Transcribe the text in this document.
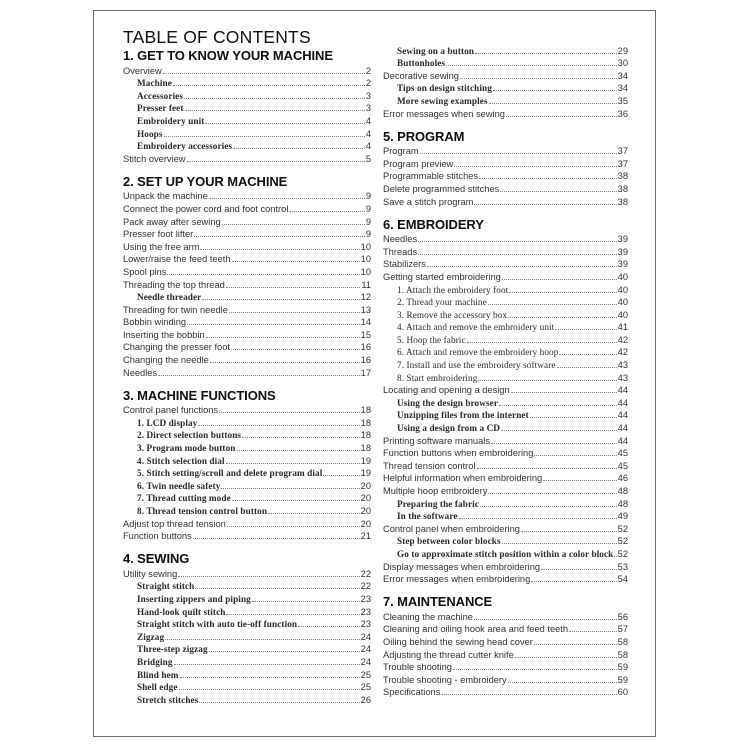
TABLE OF CONTENTS
1. GET TO KNOW YOUR MACHINE
Overview	2
Machine	2
Accessories	3
Presser feet	3
Embroidery unit	4
Hoops	4
Embroidery accessories	4
Stitch overview	5
2. SET UP YOUR MACHINE
Unpack the machine	9
Connect the power cord and foot control	9
Pack away after sewing	9
Presser foot lifter	9
Using the free arm	10
Lower/raise the feed teeth	10
Spool pins	10
Threading the top thread	11
Needle threader	12
Threading for twin needle	13
Bobbin winding	14
Inserting the bobbin	15
Changing the presser foot	16
Changing the needle	16
Needles	17
3. MACHINE FUNCTIONS
Control panel functions	18
1. LCD display	18
2. Direct selection buttons	18
3. Program mode button	18
4. Stitch selection dial	19
5. Stitch setting/scroll and delete program dial	19
6. Twin needle safety	20
7. Thread cutting mode	20
8. Thread tension control button	20
Adjust top thread tension	20
Function buttons	21
4. SEWING
Utility sewing	22
Straight stitch	22
Inserting zippers and piping	23
Hand-look quilt stitch	23
Straight stitch with auto tie-off function	23
Zigzag	24
Three-step zigzag	24
Bridging	24
Blind hem	25
Shell edge	25
Stretch stitches	26
Sewing on a button	29
Buttonholes	30
Decorative sewing	34
Tips on design stitching	34
More sewing examples	35
Error messages when sewing	36
5. PROGRAM
Program	37
Program preview	37
Programmable stitches	38
Delete programmed stitches	38
Save a stitch program	38
6. EMBROIDERY
Needles	39
Threads	39
Stabilizers	39
Getting started embroidering	40
1. Attach the embroidery foot	40
2. Thread your machine	40
3. Remove the accessory box	40
4. Attach and remove the embroidery unit	41
5. Hoop the fabric	42
6. Attach and remove the embroidery hoop	42
7. Install and use the embroidery software	43
8. Start embroidering	43
Locating and opening a design	44
Using the design browser	44
Unzipping files from the internet	44
Using a design from a CD	44
Printing software manuals	44
Function buttons when embroidering	45
Thread tension control	45
Helpful information when embroidering	46
Multiple hoop embroidery	48
Preparing the fabric	48
In the software	49
Control panel when embroidering	52
Step between color blocks	52
Go to approximate stitch position within a color block 52
Display messages when embroidering	53
Error messages when embroidering	54
7. MAINTENANCE
Cleaning the machine	56
Cleaning and oiling hook area and feed teeth	57
Oiling behind the sewing head cover	58
Adjusting the thread cutter knife	58
Trouble shooting	59
Trouble shooting - embroidery	59
Specifications	60
